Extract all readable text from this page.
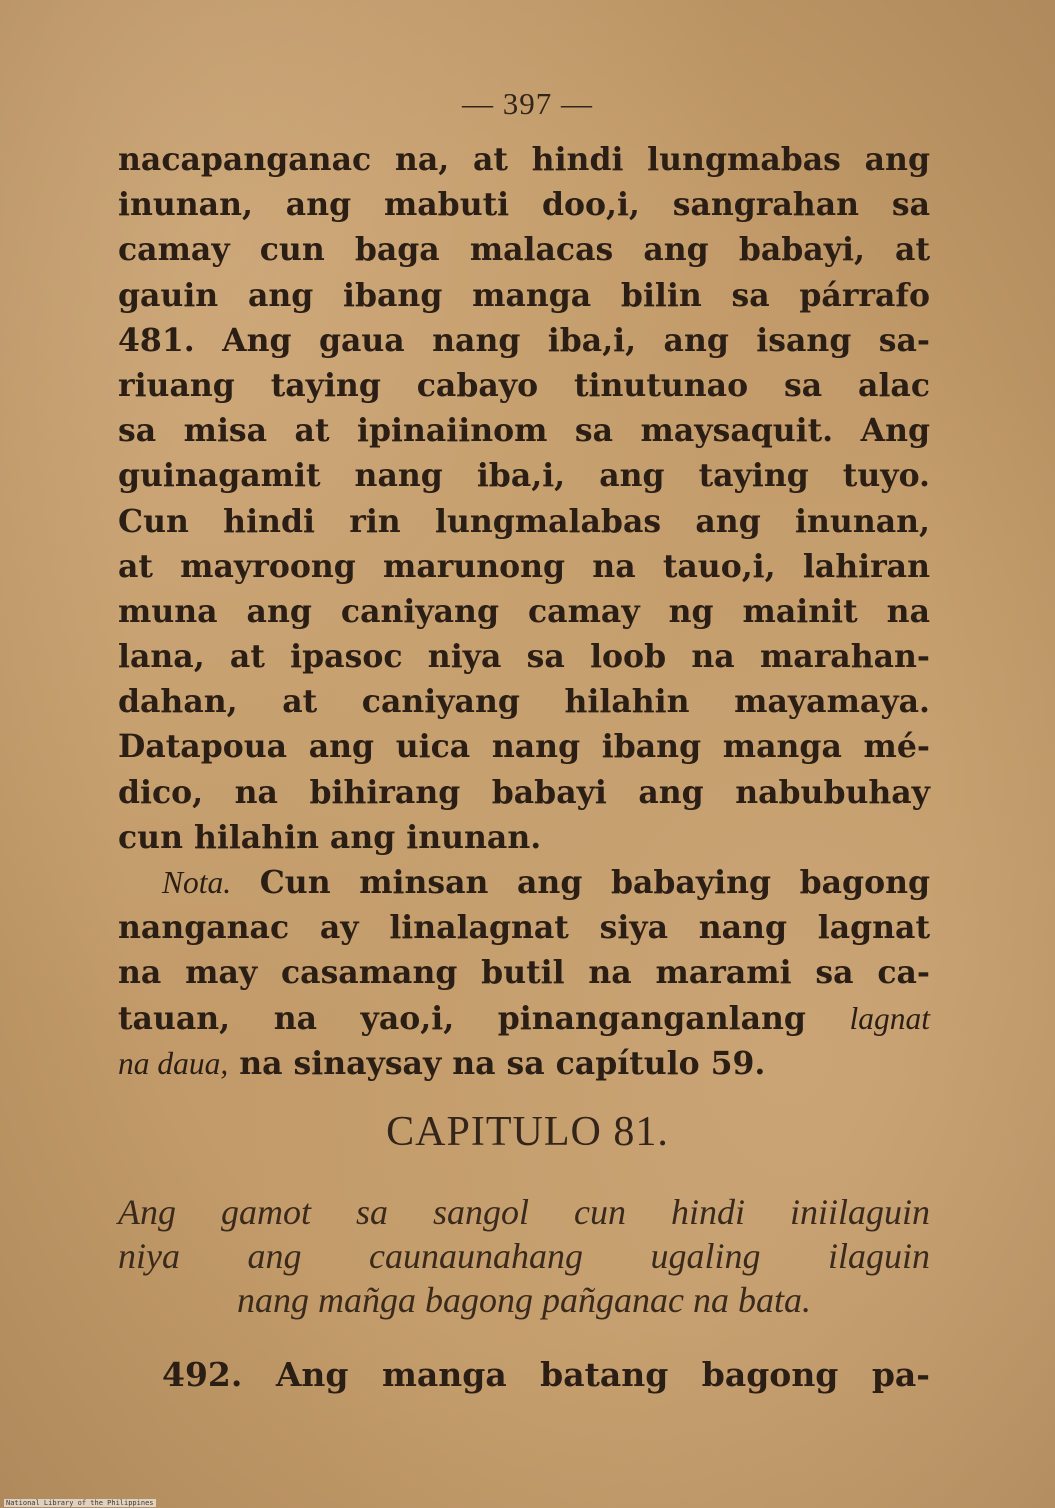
— 397 —
nacapanganac na, at hindi lungmabas ang
inunan, ang mabuti doo,i, sangrahan sa
camay cun baga malacas ang babayi, at
gauin ang ibang manga bilin sa párrafo
481. Ang gaua nang iba,i, ang isang sa-
riuang taying cabayo tinutunao sa alac
sa misa at ipinaiinom sa maysaquit. Ang
guinagamit nang iba,i, ang taying tuyo.
Cun hindi rin lungmalabas ang inunan,
at mayroong marunong na tauo,i, lahiran
muna ang caniyang camay ng mainit na
lana, at ipasoc niya sa loob na marahan-
dahan, at caniyang hilahin mayamaya.
Datapoua ang uica nang ibang manga mé-
dico, na bihirang babayi ang nabubuhay
cun hilahin ang inunan.
Nota. Cun minsan ang babaying bagong
nanganac ay linalagnat siya nang lagnat
na may casamang butil na marami sa ca-
tauan, na yao,i, pinanganganlang lagnat
na daua, na sinaysay na sa capítulo 59.
CAPITULO 81.
Ang gamot sa sangol cun hindi iniilaguin
niya ang caunaunahang ugaling ilaguin
nang mañga bagong pañganac na bata.
492. Ang manga batang bagong pa-
National Library of the Philippines
